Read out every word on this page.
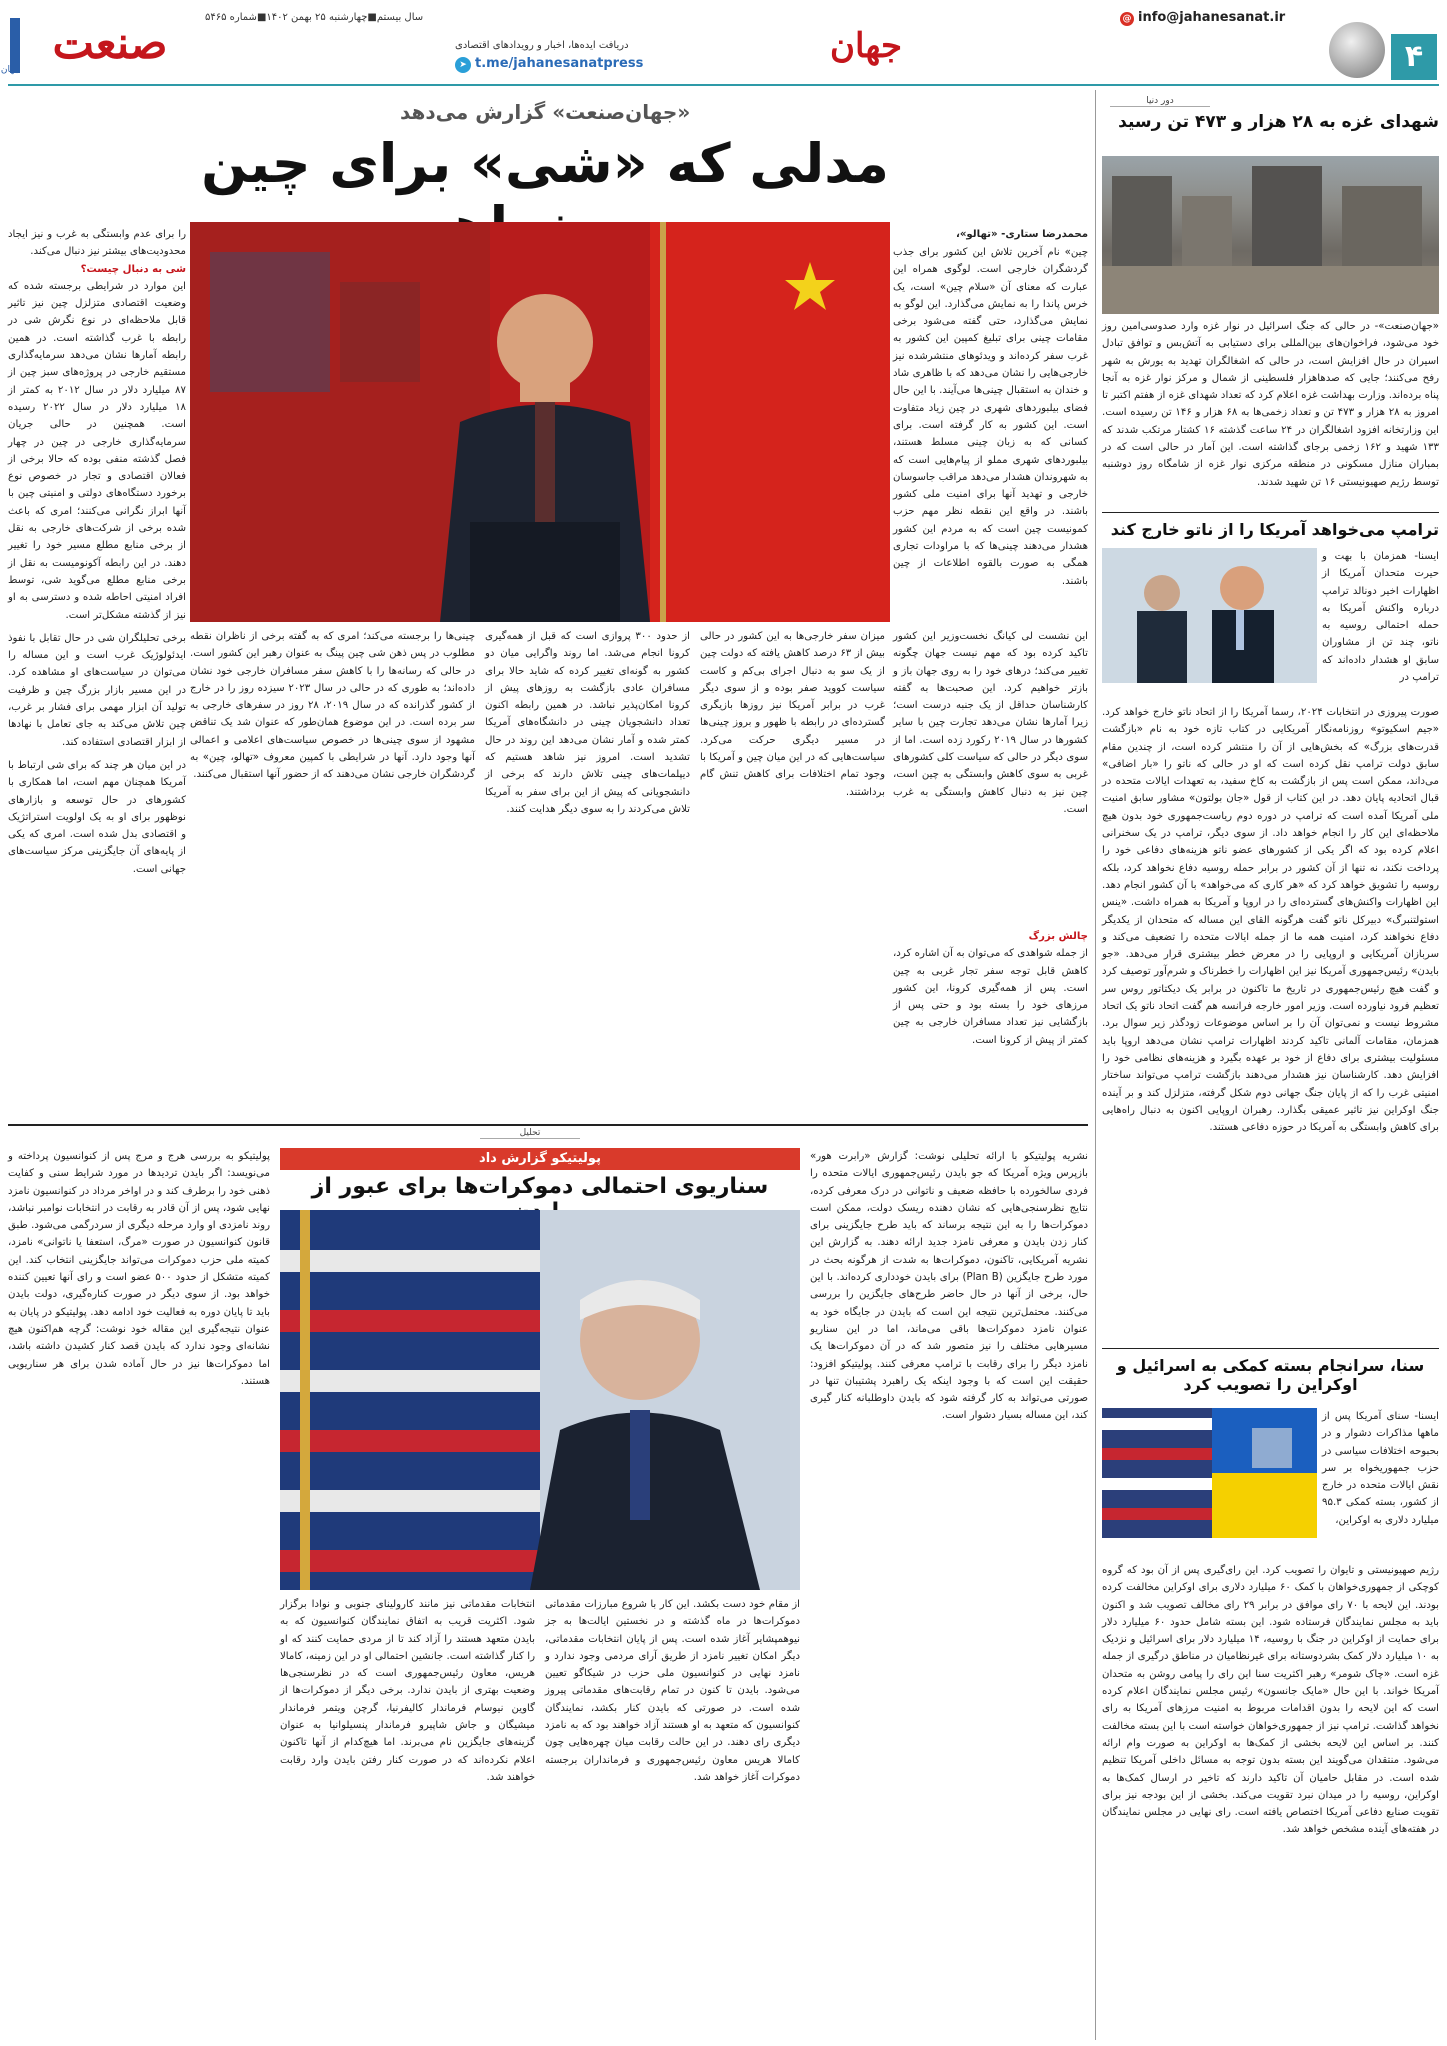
۴
@ info@jahanesanat.ir
جهان
دریافت ایده‌ها، اخبار و رویدادهای اقتصادی
➤ t.me/jahanesanatpress
سال بیستم■چهارشنبه ۲۵ بهمن ۱۴۰۲■شماره ۵۴۶۵
صنعت
جهان
دور دنیا
شهدای غزه به ۲۸ هزار و ۴۷۳ تن رسید
«جهان‌صنعت»- در حالی که جنگ اسرائیل در نوار غزه وارد صدوسی‌امین روز خود می‌شود، فراخوان‌های بین‌المللی برای دستیابی به آتش‌بس و توافق تبادل اسیران در حال افزایش است، در حالی که اشغالگران تهدید به یورش به شهر رفح می‌کنند؛ جایی که صدها‌هزار فلسطینی از شمال و مرکز نوار غزه به آنجا پناه برده‌اند. وزارت بهداشت غزه اعلام کرد که تعداد شهدای غزه از هفتم اکتبر تا امروز به ۲۸ هزار و ۴۷۳ تن و تعداد زخمی‌ها به ۶۸ هزار و ۱۴۶ تن رسیده است. این وزارتخانه افزود اشغالگران در ۲۴ ساعت گذشته ۱۶ کشتار مرتکب شدند که ۱۳۳ شهید و ۱۶۲ زخمی برجای گذاشته است. این آمار در حالی است که در بمباران منازل مسکونی در منطقه مرکزی نوار غزه از شامگاه روز دوشنبه توسط رژیم صهیونیستی ۱۶ تن شهید شدند.
ترامپ می‌خواهد آمریکا را از ناتو خارج کند
ایسنا- همزمان با بهت و حیرت متحدان آمریکا از اظهارات اخیر دونالد ترامپ درباره واکنش آمریکا به حمله احتمالی روسیه به ناتو، چند تن از مشاوران سابق او هشدار داده‌اند که ترامپ در
صورت پیروزی در انتخابات ۲۰۲۴، رسما آمریکا را از اتحاد ناتو خارج خواهد کرد. «جیم اسکیوتو» روزنامه‌نگار آمریکایی در کتاب تازه خود به نام «بازگشت قدرت‌های بزرگ» که بخش‌هایی از آن را منتشر کرده است، از چندین مقام سابق دولت ترامپ نقل کرده است که او در حالی که ناتو را «بار اضافی» می‌داند، ممکن است پس از بازگشت به کاخ سفید، به تعهدات ایالات متحده در قبال اتحادیه پایان دهد. در این کتاب از قول «جان بولتون» مشاور سابق امنیت ملی آمریکا آمده است که ترامپ در دوره دوم ریاست‌جمهوری خود بدون هیچ ملاحظه‌ای این کار را انجام خواهد داد. از سوی دیگر، ترامپ در یک سخنرانی اعلام کرده بود که اگر یکی از کشورهای عضو ناتو هزینه‌های دفاعی خود را پرداخت نکند، نه تنها از آن کشور در برابر حمله روسیه دفاع نخواهد کرد، بلکه روسیه را تشویق خواهد کرد که «هر کاری که می‌خواهد» با آن کشور انجام دهد. این اظهارات واکنش‌های گسترده‌ای را در اروپا و آمریکا به همراه داشت. «ینس استولتنبرگ» دبیرکل ناتو گفت هرگونه القای این مساله که متحدان از یکدیگر دفاع نخواهند کرد، امنیت همه ما از جمله ایالات متحده را تضعیف می‌کند و سربازان آمریکایی و اروپایی را در معرض خطر بیشتری قرار می‌دهد. «جو بایدن» رئیس‌جمهوری آمریکا نیز این اظهارات را خطرناک و شرم‌آور توصیف کرد و گفت هیچ رئیس‌جمهوری در تاریخ ما تاکنون در برابر یک دیکتاتور روس سر تعظیم فرود نیاورده است. وزیر امور خارجه فرانسه هم گفت اتحاد ناتو یک اتحاد مشروط نیست و نمی‌توان آن را بر اساس موضوعات زودگذر زیر سوال برد. همزمان، مقامات آلمانی تاکید کردند اظهارات ترامپ نشان می‌دهد اروپا باید مسئولیت بیشتری برای دفاع از خود بر عهده بگیرد و هزینه‌های نظامی خود را افزایش دهد. کارشناسان نیز هشدار می‌دهند بازگشت ترامپ می‌تواند ساختار امنیتی غرب را که از پایان جنگ جهانی دوم شکل گرفته، متزلزل کند و بر آینده جنگ اوکراین نیز تاثیر عمیقی بگذارد. رهبران اروپایی اکنون به دنبال راه‌هایی برای کاهش وابستگی به آمریکا در حوزه دفاعی هستند.
سنا، سرانجام بسته کمکی به اسرائیل و اوکراین را تصویب کرد
ایسنا- سنای آمریکا پس از ماهها مذاکرات دشوار و در بحبوحه اختلافات سیاسی در حزب جمهوریخواه بر سر نقش ایالات متحده در خارج از کشور، بسته کمکی ۹۵.۳ میلیارد دلاری به اوکراین،
رژیم صهیونیستی و تایوان را تصویب کرد. این رای‌گیری پس از آن بود که گروه کوچکی از جمهوری‌خواهان با کمک ۶۰ میلیارد دلاری برای اوکراین مخالفت کرده بودند. این لایحه با ۷۰ رای موافق در برابر ۲۹ رای مخالف تصویب شد و اکنون باید به مجلس نمایندگان فرستاده شود. این بسته شامل حدود ۶۰ میلیارد دلار برای حمایت از اوکراین در جنگ با روسیه، ۱۴ میلیارد دلار برای اسرائیل و نزدیک به ۱۰ میلیارد دلار کمک بشردوستانه برای غیرنظامیان در مناطق درگیری از جمله غزه است. «چاک شومر» رهبر اکثریت سنا این رای را پیامی روشن به متحدان آمریکا خواند. با این حال «مایک جانسون» رئیس مجلس نمایندگان اعلام کرده است که این لایحه را بدون اقدامات مربوط به امنیت مرزهای آمریکا به رای نخواهد گذاشت. ترامپ نیز از جمهوری‌خواهان خواسته است با این بسته مخالفت کنند. بر اساس این لایحه بخشی از کمک‌ها به اوکراین به صورت وام ارائه می‌شود. منتقدان می‌گویند این بسته بدون توجه به مسائل داخلی آمریکا تنظیم شده است. در مقابل حامیان آن تاکید دارند که تاخیر در ارسال کمک‌ها به اوکراین، روسیه را در میدان نبرد تقویت می‌کند. بخشی از این بودجه نیز برای تقویت صنایع دفاعی آمریکا اختصاص یافته است. رای نهایی در مجلس نمایندگان در هفته‌های آینده مشخص خواهد شد.
«جهان‌صنعت» گزارش می‌دهد
مدلی که «شی» برای چین
محمدرضا ستاری- «تهالو»،
چین» نام آخرین تلاش این کشور برای جذب گردشگران خارجی است. لوگوی همراه این عبارت که معنای آن «سلام چین» است، یک خرس پاندا را به نمایش می‌گذارد. این لوگو به نمایش می‌گذارد، حتی گفته می‌شود برخی مقامات چینی برای تبلیغ کمپین این کشور به غرب سفر کرده‌اند و ویدئوهای منتشرشده نیز خارجی‌هایی را نشان می‌دهد که با ظاهری شاد و خندان به استقبال چینی‌ها می‌آیند. با این حال فضای بیلبوردهای شهری در چین زیاد متفاوت است. این کشور به کار گرفته است. برای کسانی که به زبان چینی مسلط هستند، بیلبوردهای شهری مملو از پیام‌هایی است که به شهروندان هشدار می‌دهد مراقب جاسوسان خارجی و تهدید آنها برای امنیت ملی کشور باشند. در واقع این نقطه نظر مهم حزب کمونیست چین است که به مردم این کشور هشدار می‌دهند چینی‌ها که با مراودات تجاری همگی به صورت بالقوه اطلاعات از چین باشند.
را برای عدم وابستگی به غرب و نیز ایجاد محدودیت‌های بیشتر نیز دنبال می‌کند.
شی به دنبال چیست؟
این موارد در شرایطی برجسته شده که وضعیت اقتصادی متزلزل چین نیز تاثیر قابل ملاحظه‌ای در نوع نگرش شی در رابطه با غرب گذاشته است. در همین رابطه آمارها نشان می‌دهد سرمایه‌گذاری مستقیم خارجی در پروژه‌های سبز چین از ۸۷ میلیارد دلار در سال ۲۰۱۲ به کمتر از ۱۸ میلیارد دلار در سال ۲۰۲۲ رسیده است. همچنین در حالی جریان سرمایه‌گذاری خارجی در چین در چهار فصل گذشته منفی بوده که حالا برخی از فعالان اقتصادی و تجار در خصوص نوع برخورد دستگاه‌های دولتی و امنیتی چین با آنها ابراز نگرانی می‌کنند؛ امری که باعث شده برخی از شرکت‌های خارجی به نقل از برخی منابع مطلع مسیر خود را تغییر دهند. در این رابطه آکونومیست به نقل از برخی منابع مطلع می‌گوید شی، توسط افراد امنیتی احاطه شده و دسترسی به او نیز از گذشته مشکل‌تر است.
برخی تحلیلگران شی در حال تقابل با نفوذ ایدئولوژیک غرب است و این مساله را می‌توان در سیاست‌های او مشاهده کرد. در این مسیر بازار بزرگ چین و ظرفیت تولید آن ابزار مهمی برای فشار بر غرب، چین تلاش می‌کند به جای تعامل با نهادها از ابزار اقتصادی استفاده کند.
در این میان هر چند که برای شی ارتباط با آمریکا همچنان مهم است، اما همکاری با کشورهای در حال توسعه و بازارهای نوظهور برای او به یک اولویت استراتژیک و اقتصادی بدل شده است. امری که یکی از پایه‌های آن جایگزینی مرکز سیاست‌های جهانی است.
این نشست لی کیانگ نخست‌وزیر این کشور تاکید کرده بود که مهم نیست جهان چگونه تغییر می‌کند؛ درهای خود را به روی جهان باز و بازتر خواهیم کرد. این صحبت‌ها به گفته کارشناسان حداقل از یک جنبه درست است؛ زیرا آمارها نشان می‌دهد تجارت چین با سایر کشورها در سال ۲۰۱۹ رکورد زده است. اما از سوی دیگر در حالی که سیاست کلی کشورهای غربی به سوی کاهش وابستگی به چین است، چین نیز به دنبال کاهش وابستگی به غرب است.
چالش بزرگ
از جمله شواهدی که می‌توان به آن اشاره کرد، کاهش قابل توجه سفر تجار غربی به چین است. پس از همه‌گیری کرونا، این کشور مرزهای خود را بسته بود و حتی پس از بازگشایی نیز تعداد مسافران خارجی به چین کمتر از پیش از کرونا است.
میزان سفر خارجی‌ها به این کشور در حالی بیش از ۶۳ درصد کاهش یافته که دولت چین از یک سو به دنبال اجرای بی‌کم و کاست سیاست کووید صفر بوده و از سوی دیگر غرب در برابر آمریکا نیز روزها بازیگری گسترده‌ای در رابطه با ظهور و بروز چینی‌ها در مسیر دیگری حرکت می‌کرد. سیاست‌هایی که در این میان چین و آمریکا با وجود تمام اختلافات برای کاهش تنش گام برداشتند.
از حدود ۳۰۰ پروازی است که قبل از همه‌گیری کرونا انجام می‌شد. اما روند واگرایی میان دو کشور به گونه‌ای تغییر کرده که شاید حالا برای مسافران عادی بازگشت به روزهای پیش از کرونا امکان‌پذیر نباشد. در همین رابطه اکنون تعداد دانشجویان چینی در دانشگاه‌های آمریکا کمتر شده و آمار نشان می‌دهد این روند در حال تشدید است. امروز نیز شاهد هستیم که دیپلمات‌های چینی تلاش دارند که برخی از دانشجویانی که پیش از این برای سفر به آمریکا تلاش می‌کردند را به سوی دیگر هدایت کنند.
چینی‌ها را برجسته می‌کند؛ امری که به گفته برخی از ناظران نقطه مطلوب در پس ذهن شی چین پینگ به عنوان رهبر این کشور است. در حالی که رسانه‌ها را با کاهش سفر مسافران خارجی خود نشان داده‌اند؛ به طوری که در حالی در سال ۲۰۲۳ سیزده روز را در خارج از کشور گذرانده که در سال ۲۰۱۹، ۲۸ روز در سفرهای خارجی به سر برده است. در این موضوع همان‌طور که عنوان شد یک تناقض مشهود از سوی چینی‌ها در خصوص سیاست‌های اعلامی و اعمالی آنها وجود دارد. آنها در شرایطی با کمپین معروف «تهالو، چین» به گردشگران خارجی نشان می‌دهند که از حضور آنها استقبال می‌کنند.
تحلیل
پولیتیکو گزارش داد
سناریوی احتمالی دموکرات‌ها برای عبور از
نشریه پولیتیکو با ارائه تحلیلی نوشت: گزارش «رابرت هور» بازپرس ویژه آمریکا که جو بایدن رئیس‌جمهوری ایالات متحده را فردی سالخورده با حافظه ضعیف و ناتوانی در درک معرفی کرده، نتایج نظرسنجی‌هایی که نشان دهنده ریسک دولت، ممکن است دموکرات‌ها را به این نتیجه برساند که باید طرح جایگزینی برای کنار زدن بایدن و معرفی نامزد جدید ارائه دهند. به گزارش این نشریه آمریکایی، تاکنون، دموکرات‌ها به شدت از هرگونه بحث در مورد طرح جایگزین (Plan B) برای بایدن خودداری کرده‌اند. با این حال، برخی از آنها در حال حاضر طرح‌های جایگزین را بررسی می‌کنند. محتمل‌ترین نتیجه این است که بایدن در جایگاه خود به عنوان نامزد دموکرات‌ها باقی می‌ماند، اما در این سناریو مسیرهایی مختلف را نیز متصور شد که در آن دموکرات‌ها یک نامزد دیگر را برای رقابت با ترامپ معرفی کنند. پولیتیکو افزود: حقیقت این است که با وجود اینکه یک راهبرد پشتیبان تنها در صورتی می‌تواند به کار گرفته شود که بایدن داوطلبانه کنار گیری کند، این مساله بسیار دشوار است.
از مقام خود دست بکشد. این کار با شروع مبارزات مقدماتی دموکرات‌ها در ماه گذشته و در نخستین ایالت‌ها به جز نیوهمپشایر آغاز شده است. پس از پایان انتخابات مقدماتی، دیگر امکان تغییر نامزد از طریق آرای مردمی وجود ندارد و نامزد نهایی در کنوانسیون ملی حزب در شیکاگو تعیین می‌شود. بایدن تا کنون در تمام رقابت‌های مقدماتی پیروز شده است. در صورتی که بایدن کنار بکشد، نمایندگان کنوانسیون که متعهد به او هستند آزاد خواهند بود که به نامزد دیگری رای دهند. در این حالت رقابت میان چهره‌هایی چون کامالا هریس معاون رئیس‌جمهوری و فرمانداران برجسته دموکرات آغاز خواهد شد.
انتخابات مقدماتی نیز مانند کارولینای جنوبی و نوادا برگزار شود. اکثریت قریب به اتفاق نمایندگان کنوانسیون که به بایدن متعهد هستند را آزاد کند تا از مردی حمایت کنند که او را کنار گذاشته است. جانشین احتمالی او در این زمینه، کامالا هریس، معاون رئیس‌جمهوری است که در نظرسنجی‌ها وضعیت بهتری از بایدن ندارد. برخی دیگر از دموکرات‌ها از گاوین نیوسام فرماندار کالیفرنیا، گرچن ویتمر فرماندار میشیگان و جاش شاپیرو فرماندار پنسیلوانیا به عنوان گزینه‌های جایگزین نام می‌برند. اما هیچ‌کدام از آنها تاکنون اعلام نکرده‌اند که در صورت کنار رفتن بایدن وارد رقابت خواهند شد.
پولیتیکو به بررسی هرج و مرج پس از کنوانسیون پرداخته و می‌نویسد: اگر بایدن تردیدها در مورد شرایط سنی و کفایت ذهنی خود را برطرف کند و در اواخر مرداد در کنوانسیون نامزد نهایی شود، پس از آن قادر به رقابت در انتخابات نوامبر نباشد، روند نامزدی او وارد مرحله دیگری از سردرگمی می‌شود. طبق قانون کنوانسیون در صورت «مرگ، استعفا یا ناتوانی» نامزد، کمیته ملی حزب دموکرات می‌تواند جایگزینی انتخاب کند. این کمیته متشکل از حدود ۵۰۰ عضو است و رای آنها تعیین کننده خواهد بود. از سوی دیگر در صورت کناره‌گیری، دولت بایدن باید تا پایان دوره به فعالیت خود ادامه دهد. پولیتیکو در پایان به عنوان نتیجه‌گیری این مقاله خود نوشت: گرچه هم‌اکنون هیچ نشانه‌ای وجود ندارد که بایدن قصد کنار کشیدن داشته باشد، اما دموکرات‌ها نیز در حال آماده شدن برای هر سناریویی هستند.
